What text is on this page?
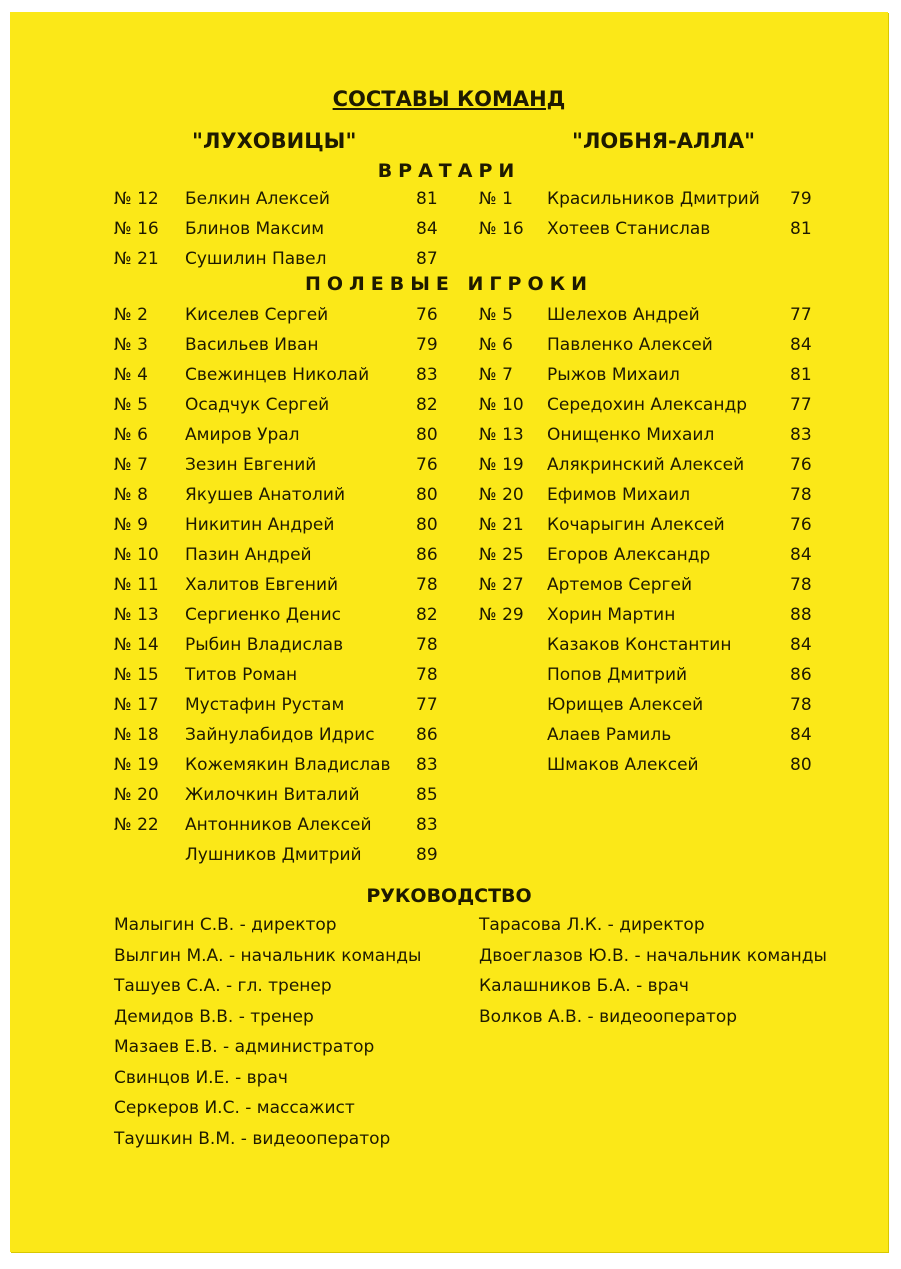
СОСТАВЫ КОМАНД
"ЛУХОВИЦЫ"	"ЛОБНЯ-АЛЛА"
ВРАТАРИ
№ 12 Белкин Алексей	81
№ 16 Блинов Максим	84
№ 21 Сушилин Павел	87
№ 1 Красильников Дмитрий 79
№ 16 Хотеев Станислав	81
ПОЛЕВЫЕ ИГРОКИ
№ 2 Киселев Сергей	76
№ 3 Васильев Иван	79
№ 4 Свежинцев Николай	83
№ 5 Осадчук Сергей	82
№ 6 Амиров Урал	80
№ 7 Зезин Евгений	76
№ 8 Якушев Анатолий	80
№ 9 Никитин Андрей	80
№ 10 Пазин Андрей	86
№ 11 Халитов Евгений	78
№ 13 Сергиенко Денис	82
№ 14 Рыбин Владислав	78
№ 15 Титов Роман	78
№ 17 Мустафин Рустам	77
№ 18 Зайнулабидов Идрис 86
№ 19 Кожемякин Владислав 83
№ 20 Жилочкин Виталий	85
№ 22 Антонников Алексей	83
Лушников Дмитрий	89
№ 5 Шелехов Андрей	77
№ 6 Павленко Алексей	84
№ 7 Рыжов Михаил	81
№ 10 Середохин Александр	77
№ 13 Онищенко Михаил	83
№ 19 Алякринский Алексей	76
№ 20 Ефимов Михаил	78
№ 21 Кочарыгин Алексей	76
№ 25 Егоров Александр	84
№ 27 Артемов Сергей	78
№ 29 Хорин Мартин	88
Казаков Константин	84
Попов Дмитрий	86
Юрищев Алексей	78
Алаев Рамиль	84
Шмаков Алексей	80
РУКОВОДСТВО
Малыгин С.В. - директор
Вылгин М.А. - начальник команды
Ташуев С.А. - гл. тренер
Демидов В.В. - тренер
Мазаев Е.В. - администратор
Свинцов И.Е. - врач
Серкеров И.С. - массажист
Таушкин В.М. - видеооператор
Тарасова Л.К. - директор
Двоеглазов Ю.В. - начальник команды
Калашников Б.А. - врач
Волков А.В. - видеооператор
